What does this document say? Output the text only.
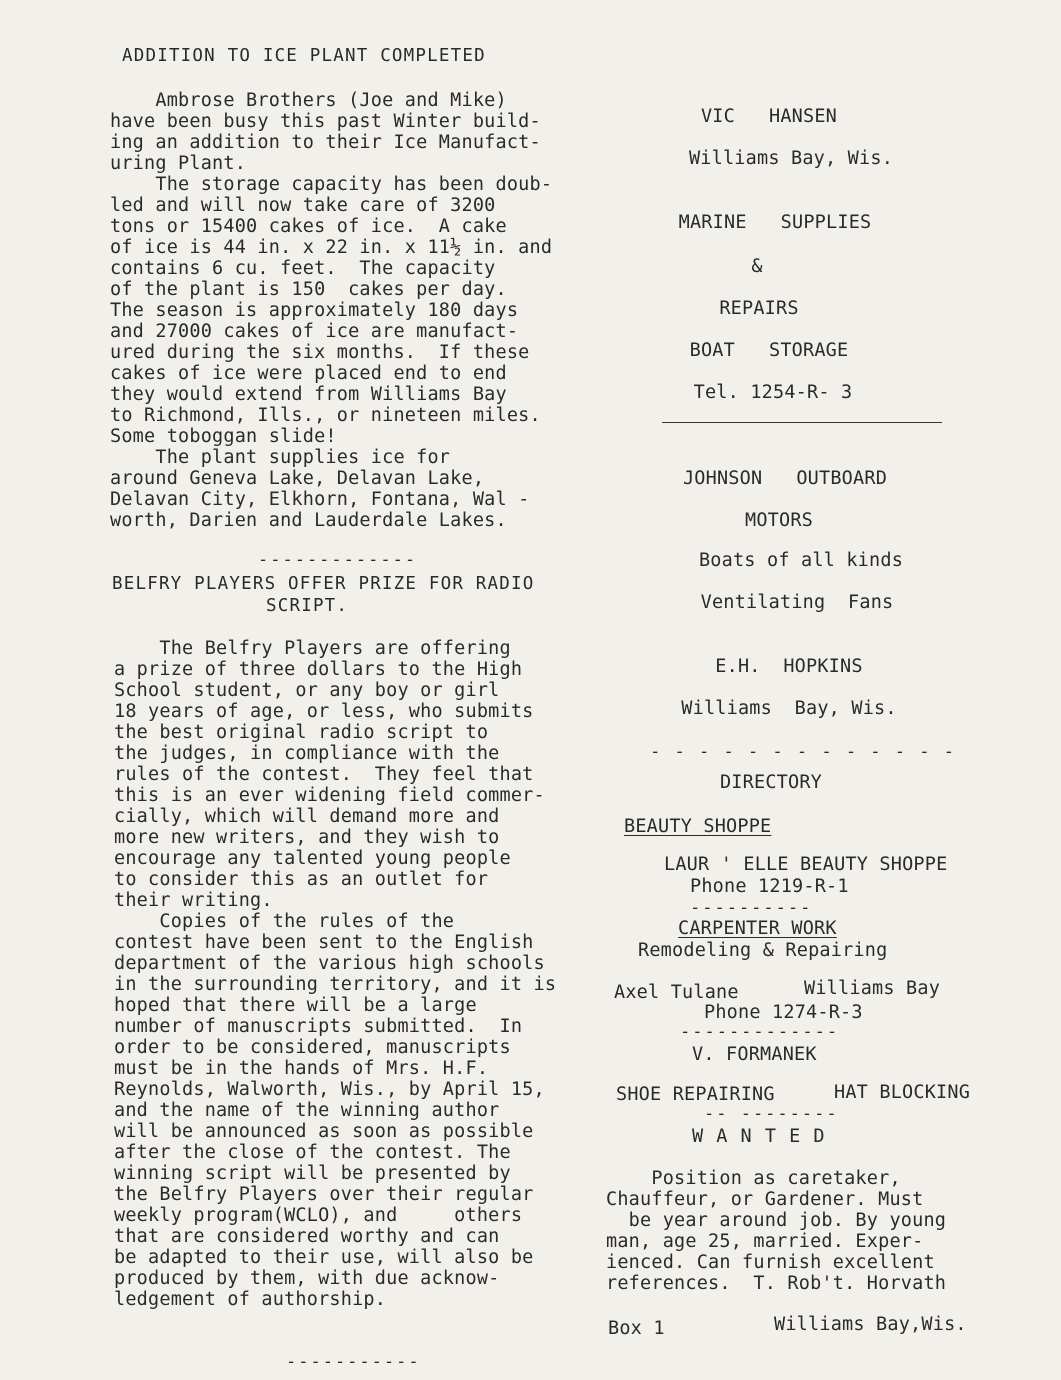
ADDITION TO ICE PLANT COMPLETED
Ambrose Brothers (Joe and Mike)
have been busy this past Winter build-
ing an addition to their Ice Manufact-
uring Plant.
The storage capacity has been doub-
led and will now take care of 3200
tons or 15400 cakes of ice.  A cake
of ice is 44 in. x 22 in. x 11½ in. and
contains 6 cu. feet.  The capacity
of the plant is 150  cakes per day.
The season is approximately 180 days
and 27000 cakes of ice are manufact-
ured during the six months.  If these
cakes of ice were placed end to end
they would extend from Williams Bay
to Richmond, Ills., or nineteen miles.
Some toboggan slide!
The plant supplies ice for
around Geneva Lake, Delavan Lake,
Delavan City, Elkhorn, Fontana, Wal -
worth, Darien and Lauderdale Lakes.
-------------
BELFRY PLAYERS OFFER PRIZE FOR RADIO
SCRIPT.
The Belfry Players are offering
a prize of three dollars to the High
School student, or any boy or girl
18 years of age, or less, who submits
the best original radio script to
the judges, in compliance with the
rules of the contest.  They feel that
this is an ever widening field commer-
cially, which will demand more and
more new writers, and they wish to
encourage any talented young people
to consider this as an outlet for
their writing.
Copies of the rules of the
contest have been sent to the English
department of the various high schools
in the surrounding territory, and it is
hoped that there will be a large
number of manuscripts submitted.  In
order to be considered, manuscripts
must be in the hands of Mrs. H.F.
Reynolds, Walworth, Wis., by April 15,
and the name of the winning author
will be announced as soon as possible
after the close of the contest. The
winning script will be presented by
the Belfry Players over their regular
weekly program(WCLO), and     others
that are considered worthy and can
be adapted to their use, will also be
produced by them, with due acknow-
ledgement of authorship.
-----------
VIC   HANSEN
Williams Bay, Wis.
MARINE   SUPPLIES
&
REPAIRS
BOAT   STORAGE
Tel. 1254-R- 3
JOHNSON   OUTBOARD
MOTORS
Boats of all kinds
Ventilating  Fans
E.H.  HOPKINS
Williams  Bay, Wis.
- - - - - - - - - - - - -
DIRECTORY
BEAUTY SHOPPE
LAUR ' ELLE BEAUTY SHOPPE
Phone 1219-R-1
----------
CARPENTER WORK
Remodeling & Repairing
Axel Tulane	Williams Bay
Phone 1274-R-3
-------------
V. FORMANEK
SHOE REPAIRING	HAT BLOCKING
-- --------
W A N T E D
Position as caretaker,
Chauffeur, or Gardener. Must
be year around job. By young
man, age 25, married. Exper-
ienced. Can furnish excellent
references.  T. Rob't. Horvath
Box 1	Williams Bay,Wis.
